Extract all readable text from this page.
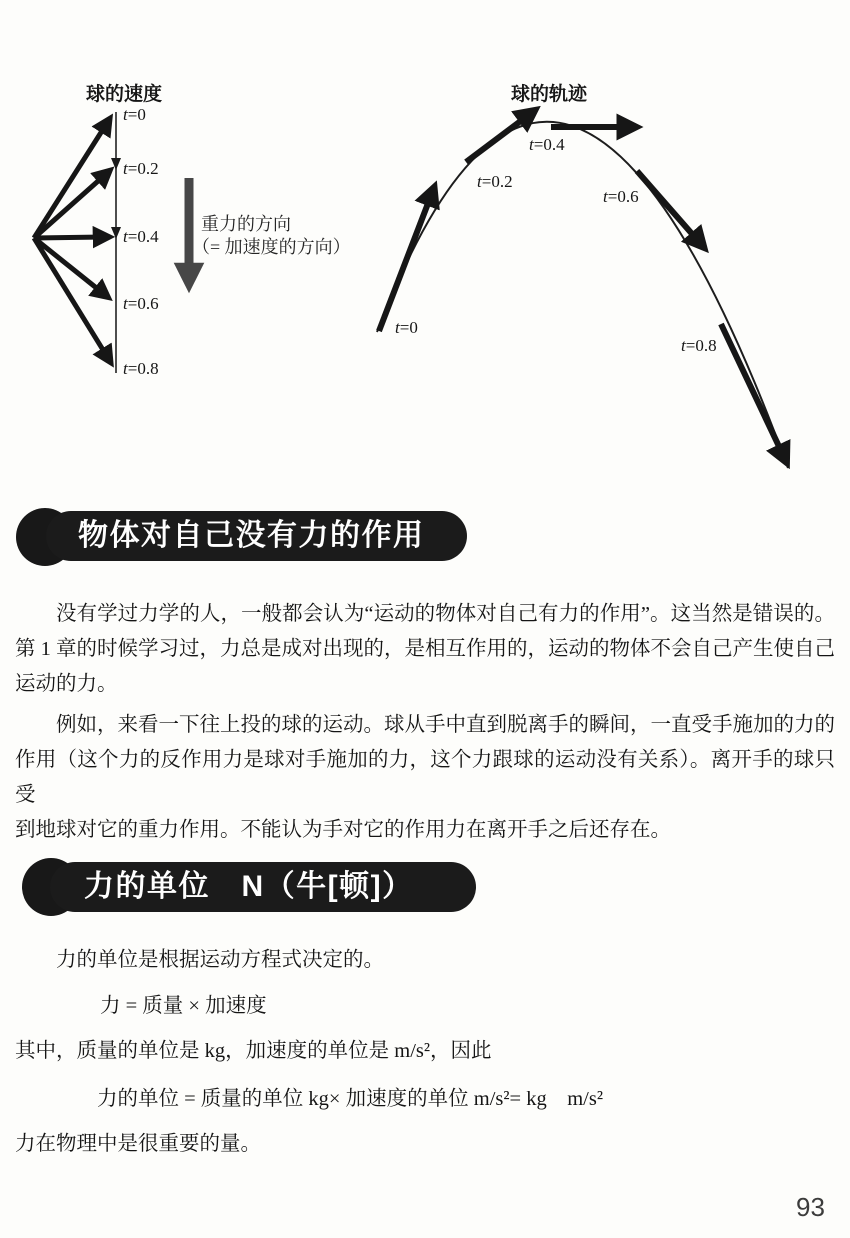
球的速度
t=0
t=0.2
t=0.4
t=0.6
t=0.8
重力的方向
（= 加速度的方向）
球的轨迹
t=0
t=0.2
t=0.4
t=0.6
t=0.8
物体对自己没有力的作用
没有学过力学的人，一般都会认为“运动的物体对自己有力的作用”。这当然是错误的。
第 1 章的时候学习过，力总是成对出现的，是相互作用的，运动的物体不会自己产生使自己
运动的力。
例如，来看一下往上投的球的运动。球从手中直到脱离手的瞬间，一直受手施加的力的
作用（这个力的反作用力是球对手施加的力，这个力跟球的运动没有关系）。离开手的球只受
到地球对它的重力作用。不能认为手对它的作用力在离开手之后还存在。
力的单位　N（牛[顿]）
力的单位是根据运动方程式决定的。
力 = 质量 × 加速度
其中，质量的单位是 kg，加速度的单位是 m/s²，因此
力的单位 = 质量的单位 kg× 加速度的单位 m/s²= kg　m/s²
力在物理中是很重要的量。
93
